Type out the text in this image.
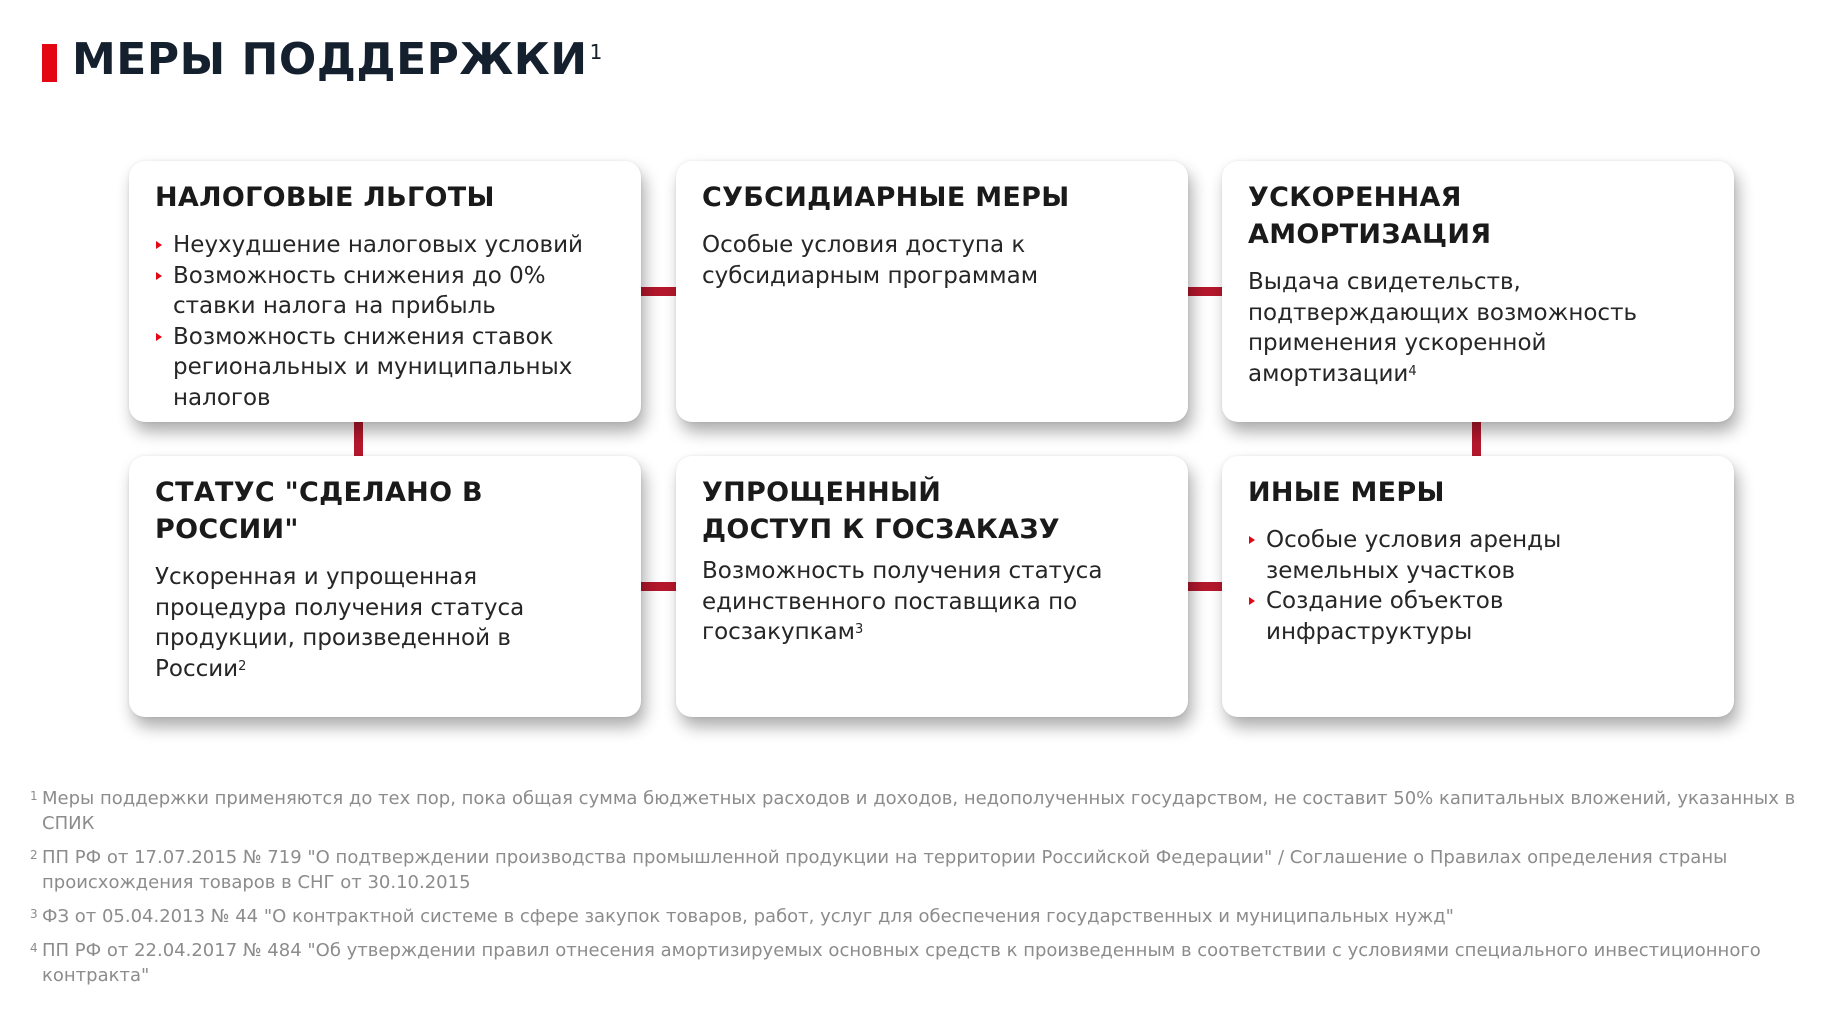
МЕРЫ ПОДДЕРЖКИ $^1$
НАЛОГОВЫЕ ЛЬГОТЫ
Неухудшение налоговых условий
Возможность снижения до 0% ставки налога на прибыль
Возможность снижения ставок региональных и муниципальных налогов
СУБСИДИАРНЫЕ МЕРЫ

Особые условия доступа к субсидиарным программам

УСКОРЕННАЯ АМОРТИЗАЦИЯ

Выдача свидетельств, подтверждающих возможность применения ускоренной амортизации$^4$

СТАТУС "СДЕЛАНО В РОССИИ"

Ускоренная и упрощенная процедура получения статуса продукции, произведенной в России$^2$

УПРОЩЕННЫЙ ДОСТУП К ГОСЗАКАЗУ

Возможность получения статуса единственного поставщика по госзакупкам$^3$

ИНЫЕ МЕРЫ
Особые условия аренды земельных участков
Создание объектов инфраструктуры
1 Меры поддержки применяются до тех пор, пока общая сумма бюджетных расходов и доходов, недополученных государством, не составит 50% капитальных вложений, указанных в СПИК
2 ПП РФ от 17.07.2015 № 719 "О подтверждении производства промышленной продукции на территории Российской Федерации" / Соглашение о Правилах определения страны происхождения товаров в СНГ от 30.10.2015
3 ФЗ от 05.04.2013 № 44 "О контрактной системе в сфере закупок товаров, работ, услуг для обеспечения государственных и муниципальных нужд"
4 ПП РФ от 22.04.2017 № 484 "Об утверждении правил отнесения амортизируемых основных средств к произведенным в соответствии с условиями специального инвестиционного контракта"
